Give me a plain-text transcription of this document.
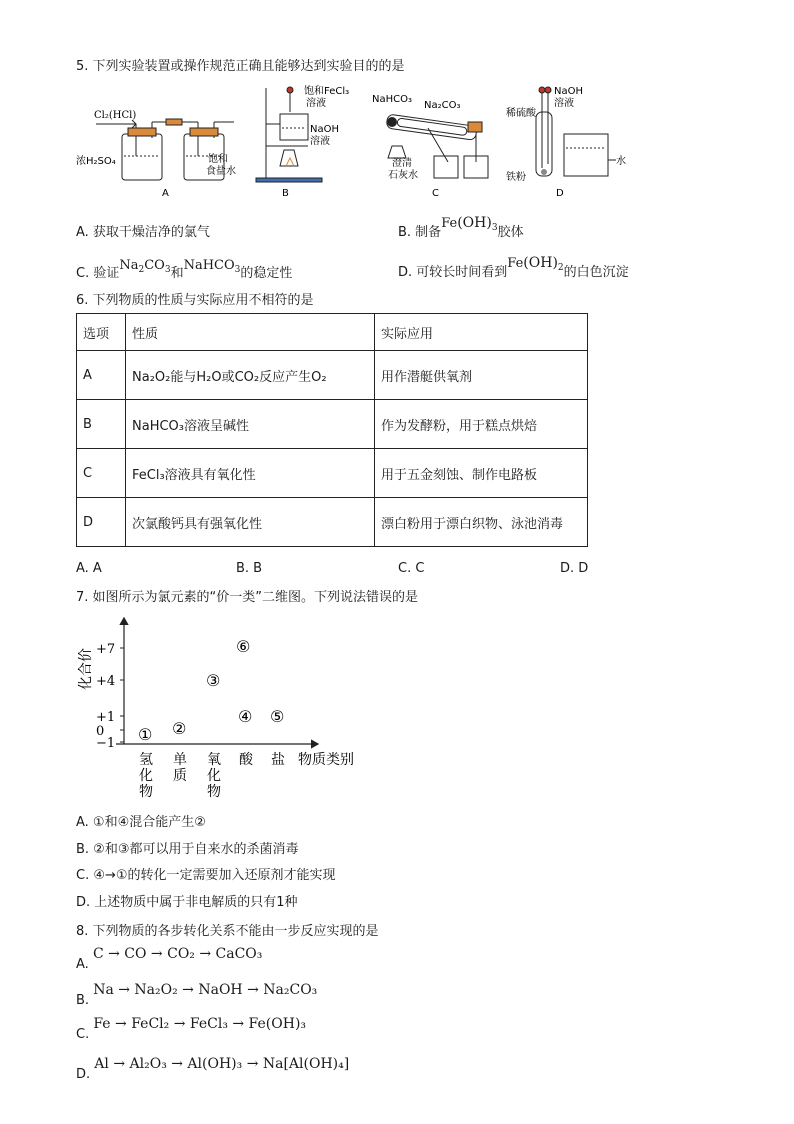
5. 下列实验装置或操作规范正确且能够达到实验目的的是
Cl₂(HCl)
浓H₂SO₄	饱和
食盐水
A
饱和FeCl₃
溶液
NaOH
溶液
B
NaHCO₃
Na₂CO₃
澄清
石灰水
C
NaOH
溶液
稀硫酸
铁粉
水
D
A. 获取干燥洁净的氯气	B. 制备$Fe(OH)_3$胶体
C. 验证$Na_2CO_3$和NaHCO$_3$的稳定性	D. 可较长时间看到$Fe(OH)_2$的白色沉淀
6. 下列物质的性质与实际应用不相符的是
选项	性质	实际应用
A	Na₂O₂能与H₂O或CO₂反应产生O₂	用作潜艇供氧剂
B	NaHCO₃溶液呈碱性	作为发酵粉，用于糕点烘焙
C	FeCl₃溶液具有氧化性	用于五金刻蚀、制作电路板
D	次氯酸钙具有强氧化性	漂白粉用于漂白织物、泳池消毒
A. A	B. B	C. C	D. D
7. 如图所示为氯元素的“价一类”二维图。下列说法错误的是
化合价 +7
+4
+1
0
−1
氢
化
物
单
质
氧
化
物
酸 盐
① ②
③
④ ⑤
⑥
物质类别
A. ①和④混合能产生②
B. ②和③都可以用于自来水的杀菌消毒
C. ④→①的转化一定需要加入还原剂才能实现
D. 上述物质中属于非电解质的只有1种
8. 下列物质的各步转化关系不能由一步反应实现的是
A. C → CO → CO₂ → CaCO₃
B. Na → Na₂O₂ → NaOH → Na₂CO₃
C. Fe → FeCl₂ → FeCl₃ → Fe(OH)₃
D. Al → Al₂O₃ → Al(OH)₃ → Na[Al(OH)₄]
